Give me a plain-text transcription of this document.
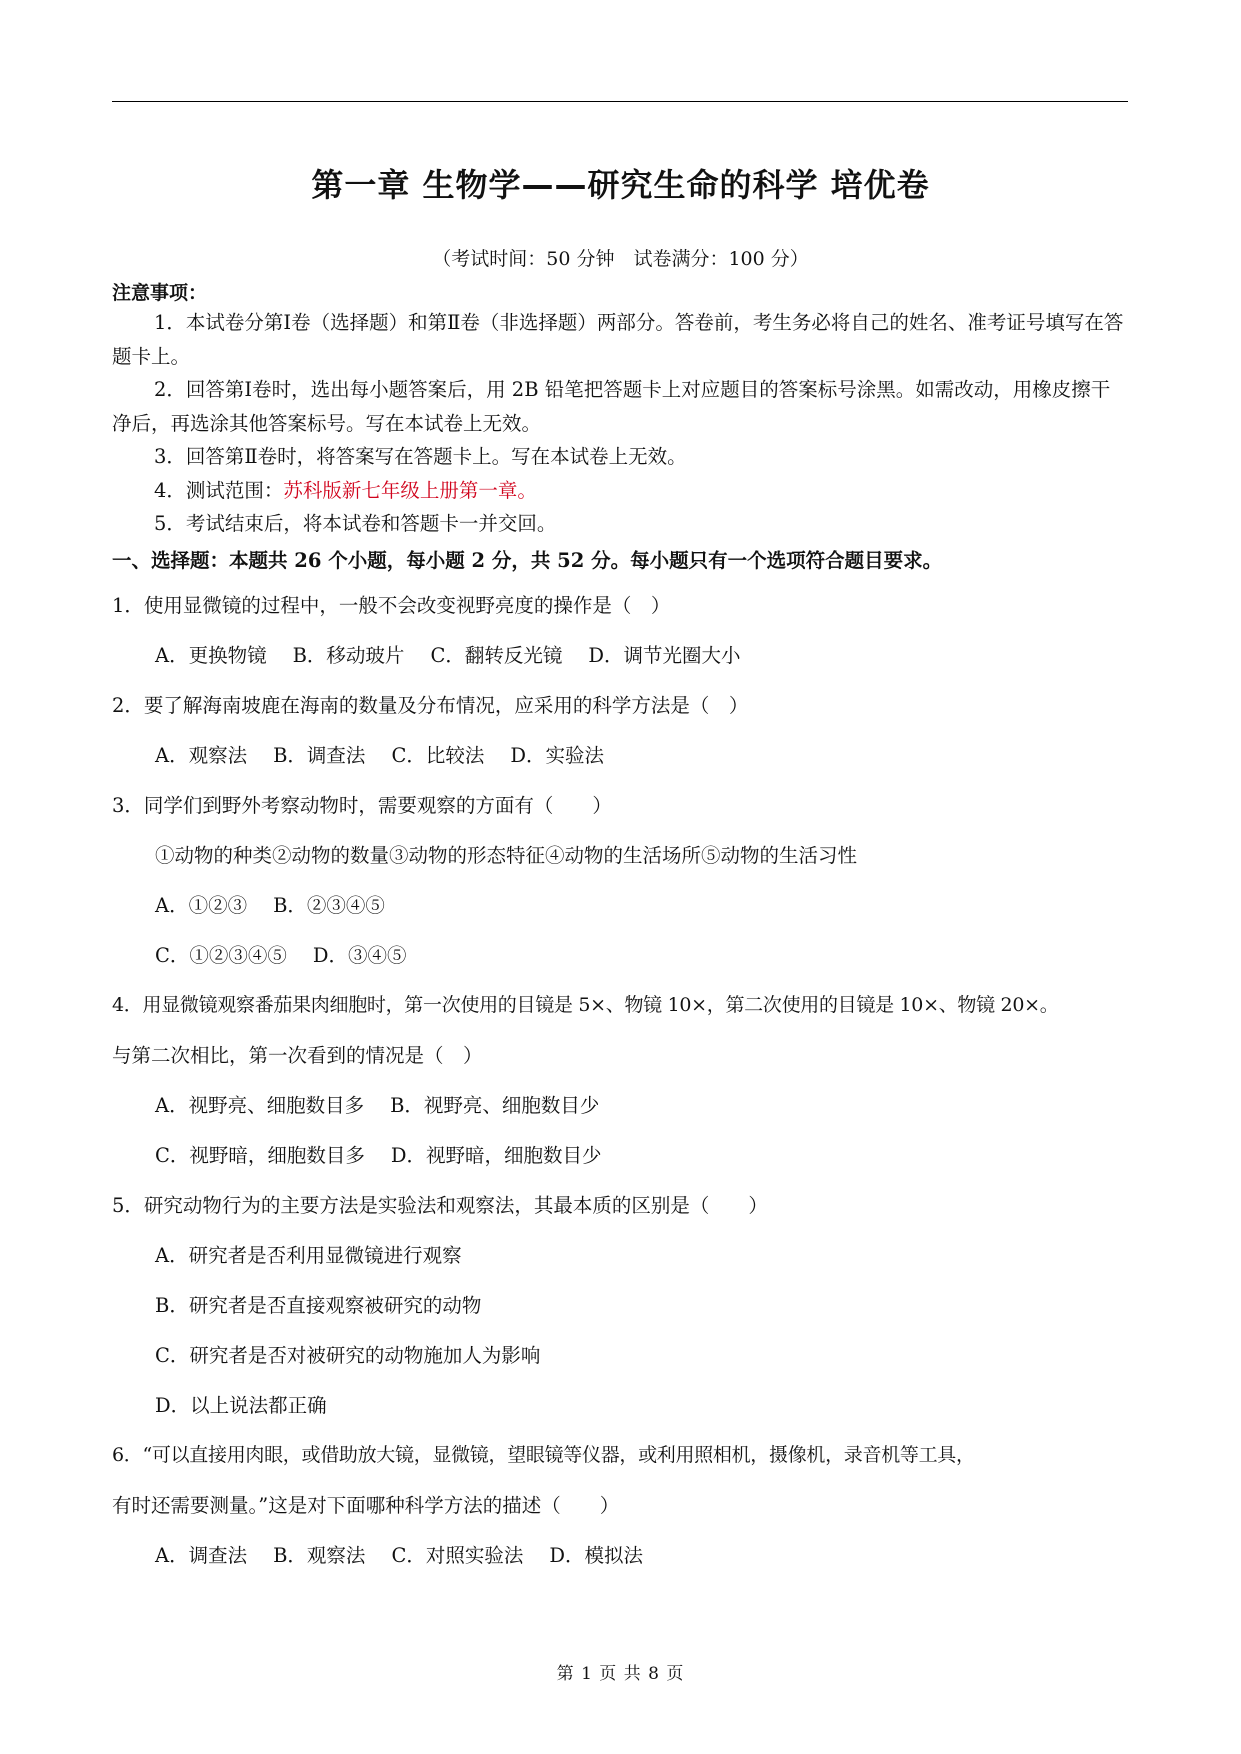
第一章 生物学——研究生命的科学 培优卷
（考试时间：50 分钟　试卷满分：100 分）
注意事项：

1．本试卷分第Ⅰ卷（选择题）和第Ⅱ卷（非选择题）两部分。答卷前，考生务必将自己的姓名、准考证号填写在答题卡上。

2．回答第Ⅰ卷时，选出每小题答案后，用 2B 铅笔把答题卡上对应题目的答案标号涂黑。如需改动，用橡皮擦干净后，再选涂其他答案标号。写在本试卷上无效。

3．回答第Ⅱ卷时，将答案写在答题卡上。写在本试卷上无效。

4．测试范围：苏科版新七年级上册第一章。

5．考试结束后，将本试卷和答题卡一并交回。

一、选择题：本题共 26 个小题，每小题 2 分，共 52 分。每小题只有一个选项符合题目要求。
1．使用显微镜的过程中，一般不会改变视野亮度的操作是（　）
A．更换物镜 B．移动玻片 C．翻转反光镜 D．调节光圈大小
2．要了解海南坡鹿在海南的数量及分布情况，应采用的科学方法是（　）
A．观察法 B．调查法 C．比较法 D．实验法
3．同学们到野外考察动物时，需要观察的方面有（　　）
①动物的种类②动物的数量③动物的形态特征④动物的生活场所⑤动物的生活习性
A．①②③ B．②③④⑤
C．①②③④⑤ D．③④⑤
4．用显微镜观察番茄果肉细胞时，第一次使用的目镜是 5×、物镜 10×，第二次使用的目镜是 10×、物镜 20×。
与第二次相比，第一次看到的情况是（　）
A．视野亮、细胞数目多 B．视野亮、细胞数目少
C．视野暗，细胞数目多 D．视野暗，细胞数目少
5．研究动物行为的主要方法是实验法和观察法，其最本质的区别是（　　）
A．研究者是否利用显微镜进行观察
B．研究者是否直接观察被研究的动物
C．研究者是否对被研究的动物施加人为影响
D．以上说法都正确
6．“可以直接用肉眼，或借助放大镜，显微镜，望眼镜等仪器，或利用照相机，摄像机，录音机等工具，
有时还需要测量。”这是对下面哪种科学方法的描述（　　）
A．调查法 B．观察法 C．对照实验法 D．模拟法
第 1 页 共 8 页
